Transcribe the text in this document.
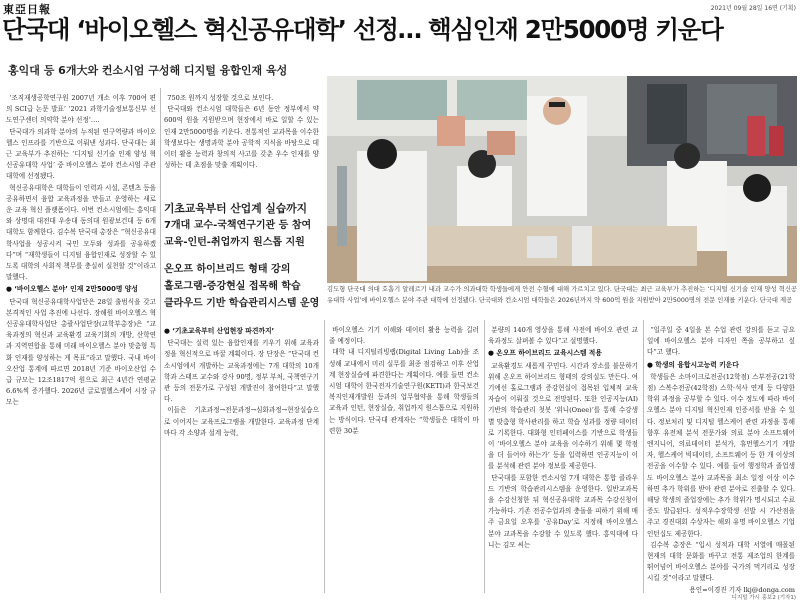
東亞日報	2021년 09월 28일 16면 (기획)
단국대 ‘바이오헬스 혁신공유대학’ 선정… 핵심인재 2만5000명 키운다
홍익대 등 6개大와 컨소시엄 구성해 디지털 융합인재 육성

‘조직재생공학연구원 2007년 개소 이후 700여 편의 SCI급 논문 발표’ ‘2021 과학기술정보통신부 선도연구센터 의약학 분야 선정’….

단국대가 의과학 분야의 누적된 연구역량과 바이오헬스 인프라를 기반으로 이뤄낸 성과다. 단국대는 최근 교육부가 추진하는 ‘디지털 신기술 인재 양성 혁신공유대학 사업’ 중 바이오헬스 분야 컨소시엄 주관 대학에 선정됐다.

혁신공유대학은 대학들이 인력과 시설, 콘텐츠 등을 공유하면서 융합 교육과정을 만들고 운영하는 새로운 교육 혁신 플랫폼이다. 이번 컨소시엄에는 홍익대와 상명대 대전대 우송대 동의대 원광보건대 등 6개 대학도 함께한다. 김수복 단국대 총장은 “혁신공유대학사업을 성공시켜 국민 모두와 성과를 공유하겠다”며 “재학생들이 디지털 융합인재로 성장할 수 있도록 대학의 사회적 책무를 충실히 실천할 것”이라고 말했다.

● ‘바이오헬스 분야’ 인재 2만5000명 양성

단국대 혁신공유대학사업단은 28일 출범식을 갖고 본격적인 사업 추진에 나선다. 장해원 바이오헬스 혁신공유대학사업단 총괄사업단장(교학부총장)은 “교육과정의 혁신과 교육환경 교육기회의 개방, 산학연과 지역연합을 통해 미래 바이오헬스 분야 맞춤형 특화 인재를 양성하는 게 목표”라고 말했다. 국내 바이오산업 통계에 따르면 2018년 기준 바이오산업 수급 규모는 12조1817억 원으로 최근 4년간 연평균 6.6%씩 증가했다. 2026년 글로벌헬스케어 시장 규모는

750조 원까지 성장할 것으로 보인다.

단국대와 컨소시엄 대학들은 6년 동안 정부에서 약 600억 원을 지원받으며 현장에서 바로 일할 수 있는 인재 2만5000명을 키운다. 전통적인 교과목을 이수한 학생보다는 생명과학 분야 공학적 지식을 바탕으로 데이터 활용 능력과 창의적 사고를 갖춘 우수 인재를 양성하는 데 초점을 맞출 계획이다.

기초교육부터 산업계 실습까지
7개대 교수-국책연구기관 등 참여
교육-인턴-취업까지 원스톱 지원
온오프 하이브리드 형태 강의
홀로그램-증강현실 접목해 학습
클라우드 기반 학습관리시스템 운영

● ‘기초교육부터 산업현장 파견까지’

단국대는 실력 있는 융합인재를 키우기 위해 교육과정을 혁신적으로 바꿀 계획이다. 장 단장은 “단국대 컨소시엄에서 개발하는 교육과정에는 7개 대학의 10개 학과 스태프 교수와 강사 90명, 정부 부처, 국책연구기관 등의 전문가로 구성된 개발진이 참여한다”고 말했다.

이들은 기초과정→전문과정→심화과정→현장실습으로 이어지는 교육프로그램을 개발한다. 교육과정 단계마다 각 소양과 설계 능력,

바이오헬스 기기 이해와 데이터 활용 능력을 길러 줄 예정이다.

대학 내 디지털리빙랩(Digital Living Lab)을 조성해 교내에서 미리 실무를 최종 점검하고 이후 산업계 현장실습에 파견한다는 계획이다. 예를 들면 컨소시엄 대학이 한국전자기술연구원(KETI)과 한국보건복지인재개발원 등과의 업무협약을 통해 학생들의 교육과 인턴, 현장실습, 취업까지 원스톱으로 지원하는 방식이다. 단국대 관계자는 “학생들은 대학이 마련한 30분

분량의 140개 영상을 통해 사전에 바이오 관련 교육과정도 살펴볼 수 있다”고 설명했다.

● 온오프 하이브리드 교육시스템 적용

교육환경도 새롭게 꾸민다. 시간과 장소를 불문하기 위해 온오프 하이브리드 형태의 강의실도 만든다. 여기에선 홀로그램과 증강현실이 접목된 입체적 교육자습이 이뤄질 것으로 전망된다. 또한 인공지능(AI) 기반의 학습관리 첫봇 ‘위니(Onee)’를 통해 수강생별 맞춤형 학사관리를 하고 학습 성과를 정량 데이터로 기록한다. 대화형 인터페이스를 기반으로 학생들이 ‘바이오헬스 분야 교육을 이수하기 위해 몇 학점을 더 들어야 하는가’ 등을 입력하면 인공지능이 이를 분석해 관련 분야 정보를 제공한다.

단국대를 포함한 컨소시엄 7개 대학은 통합 클라우드 기반의 학습관리시스템을 운영한다. 일반교과목을 수강신청한 뒤 혁신공유대학 교과목 수강신청이 가능하다. 기존 전공수업과의 충돌을 피하기 위해 매주 금요일 오후를 ‘공유Day’로 지정해 바이오헬스 분야 교과목을 수강할 수 있도록 했다. 홍익대에 다니는 김모 씨는

“일주일 중 4일을 본 수업 관련 강의를 듣고 금요일에 바이오헬스 분야 디자인 쪽을 공부하고 싶다”고 했다.

● 학생의 융합시고능력 키운다

학생들은 소마이크로전공(12학점) 스부전공(21학점) 스복수전공(42학점) 스학·석사 연계 등 다양한 학위 과정을 공부할 수 있다. 이수 정도에 따라 바이오헬스 분야 디지털 혁신인재 인증서를 받을 수 있다. 정보처리 및 디지털 헬스케어 관련 과정을 통해 향후 유전체 분석 전문가와 의료 분야 소프트웨어 엔지니어, 의료데이터 분석가, 휴먼헬스기기 개발자, 헬스케어 빅데이터, 소프트웨어 등 한 개 이상의 전공을 이수할 수 있다. 예를 들어 행정학과 졸업생도 바이오헬스 분야 교과목을 최소 일정 이상 이수하면 추가 학위를 받아 관련 분야로 진출할 수 있다. 해당 학생의 졸업장에는 추가 학위가 명시되고 수료증도 발급된다. 성적우수장학생 선발 시 가산점을 주고 경진대회 수상자는 해외 유명 바이오헬스 기업 인턴십도 제공한다.

김수복 총장은 “입시 성적과 대학 서열에 매몰된 현재의 대학 문화를 바꾸고 전통 제조업의 한계를 뛰어넘어 바이오헬스 분야를 국가의 먹거리로 성장시킬 것”이라고 말했다.

용인=이경진 기자 lkj@donga.com

김도형 단국대 의대 호흡기 알레르기 내과 교수가 의과대학 학생들에게 안전 수혈에 대해 가르치고 있다. 단국대는 최근 교육부가 추진하는 ‘디지털 신기술 인재 양성 혁신공유대학 사업’에 바이오헬스 분야 주관 대학에 선정됐다. 단국대와 컨소시엄 대학들은 2026년까지 약 600억 원을 지원받아 2만5000명의 전문 인재를 키운다. 단국대 제공
디지털 가시 홍보2 (기자1)
